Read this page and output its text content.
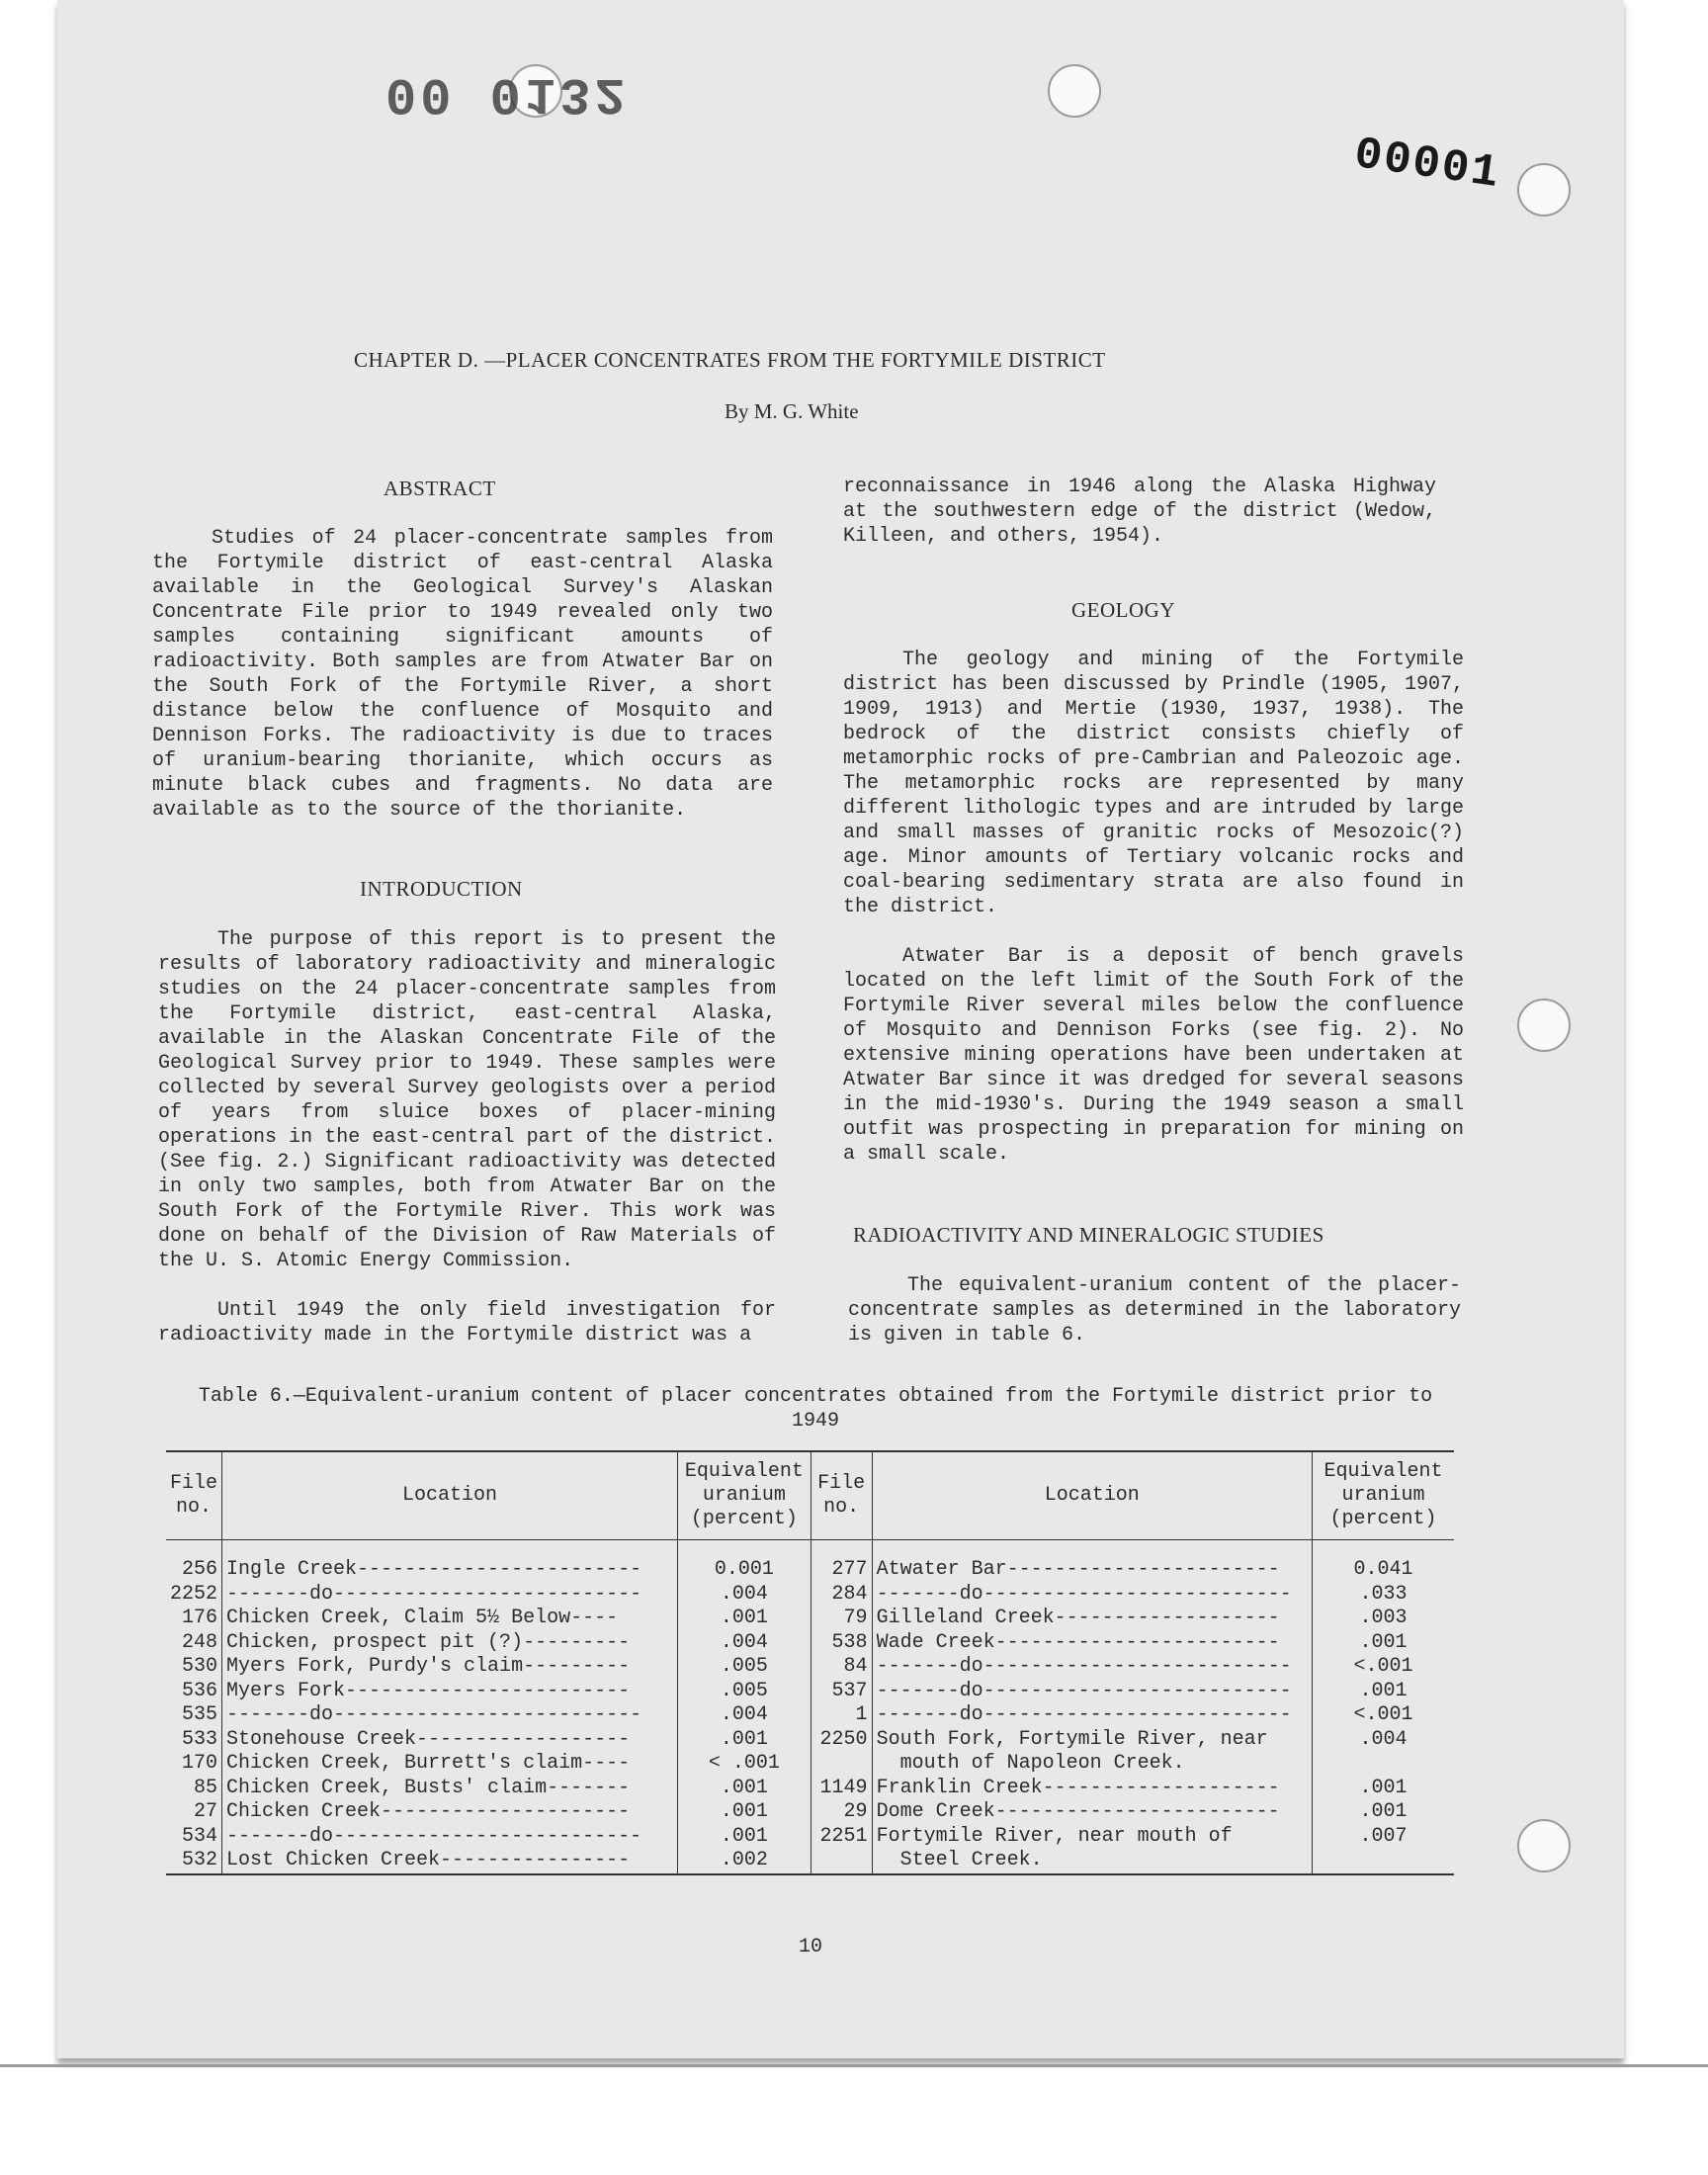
00 0132
00001
CHAPTER D. —PLACER CONCENTRATES FROM THE FORTYMILE DISTRICT
By M. G. White
ABSTRACT

Studies of 24 placer-concentrate samples from the Fortymile district of east-central Alaska available in the Geological Survey's Alaskan Concentrate File prior to 1949 revealed only two samples containing significant amounts of radioactivity. Both samples are from Atwater Bar on the South Fork of the Fortymile River, a short distance below the confluence of Mosquito and Dennison Forks. The radioactivity is due to traces of uranium-bearing thorianite, which occurs as minute black cubes and fragments. No data are available as to the source of the thorianite.

INTRODUCTION

The purpose of this report is to present the results of laboratory radioactivity and mineralogic studies on the 24 placer-concentrate samples from the Fortymile district, east-central Alaska, available in the Alaskan Concentrate File of the Geological Survey prior to 1949. These samples were collected by several Survey geologists over a period of years from sluice boxes of placer-mining operations in the east-central part of the district. (See fig. 2.) Significant radioactivity was detected in only two samples, both from Atwater Bar on the South Fork of the Fortymile River. This work was done on behalf of the Division of Raw Materials of the U. S. Atomic Energy Commission.

Until 1949 the only field investigation for radioactivity made in the Fortymile district was a

reconnaissance in 1946 along the Alaska Highway at the southwestern edge of the district (Wedow, Killeen, and others, 1954).

GEOLOGY

The geology and mining of the Fortymile district has been discussed by Prindle (1905, 1907, 1909, 1913) and Mertie (1930, 1937, 1938). The bedrock of the district consists chiefly of metamorphic rocks of pre-Cambrian and Paleozoic age. The metamorphic rocks are represented by many different lithologic types and are intruded by large and small masses of granitic rocks of Mesozoic(?) age. Minor amounts of Tertiary volcanic rocks and coal-bearing sedimentary strata are also found in the district.

Atwater Bar is a deposit of bench gravels located on the left limit of the South Fork of the Fortymile River several miles below the confluence of Mosquito and Dennison Forks (see fig. 2). No extensive mining operations have been undertaken at Atwater Bar since it was dredged for several seasons in the mid-1930's. During the 1949 season a small outfit was prospecting in preparation for mining on a small scale.

RADIOACTIVITY AND MINERALOGIC STUDIES

The equivalent-uranium content of the placer-concentrate samples as determined in the laboratory is given in table 6.

Table 6.—Equivalent-uranium content of placer concentrates obtained from the Fortymile district prior to 1949
File no.	Location	Equivalent uranium (percent)	File no.	Location	Equivalent uranium (percent)

256	Ingle Creek------------------------	0.001	277	Atwater Bar-----------------------	0.041
2252	-------do--------------------------	.004	284	-------do--------------------------	.033
176	Chicken Creek, Claim 5½ Below----	.001	79	Gilleland Creek-------------------	.003
248	Chicken, prospect pit (?)---------	.004	538	Wade Creek------------------------	.001
530	Myers Fork, Purdy's claim---------	.005	84	-------do--------------------------	<.001
536	Myers Fork------------------------	.005	537	-------do--------------------------	.001
535	-------do--------------------------	.004	1	-------do--------------------------	<.001
533	Stonehouse Creek------------------	.001	2250	South Fork, Fortymile River, near	.004
170	Chicken Creek, Burrett's claim----	< .001		mouth of Napoleon Creek.	
85	Chicken Creek, Busts' claim-------	.001	1149	Franklin Creek--------------------	.001
27	Chicken Creek---------------------	.001	29	Dome Creek------------------------	.001
534	-------do--------------------------	.001	2251	Fortymile River, near mouth of	.007
532	Lost Chicken Creek----------------	.002		Steel Creek.	
10
